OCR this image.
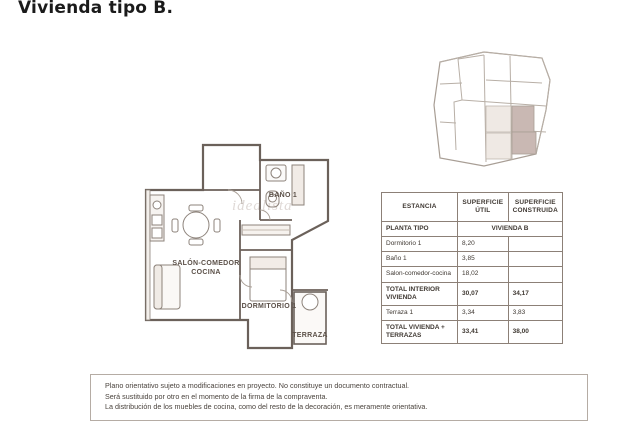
Vivienda tipo B.
BAÑO 1
SALÓN-COMEDOR
COCINA
DORMITORIO 1
TERRAZA
idealista	ESTANCIA	SUPERFICIE ÚTIL	SUPERFICIE CONSTRUIDA
PLANTA TIPO	VIVIENDA B	
Dormitorio 1	8,20	
Baño 1	3,85	
Salon-comedor-cocina	18,02	
TOTAL INTERIOR VIVIENDA	30,07	34,17
Terraza 1	3,34	3,83
TOTAL VIVIENDA + TERRAZAS	33,41	38,00
Plano orientativo sujeto a modificaciones en proyecto. No constituye un documento contractual.
Será sustituido por otro en el momento de la firma de la compraventa.
La distribución de los muebles de cocina, como del resto de la decoración, es meramente orientativa.
